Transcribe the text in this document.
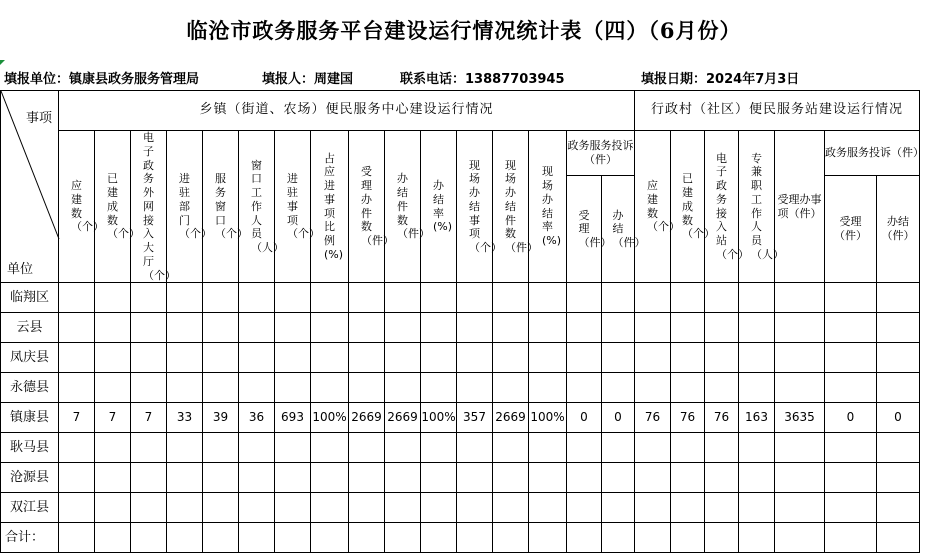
临沧市政务服务平台建设运行情况统计表（四）（6月份）
填报单位：镇康县政务服务管理局	填报人：周建国	联系电话：13887703945	填报日期：2024年7月3日
事项
单位	乡镇（街道、农场）便民服务中心建设运行情况																行政村（社区）便民服务站建设运行情况						

	应建数（个）	已建成数（个）	电子政务外网接入大厅（个）	进驻部门（个）	服务窗口（个）	窗口工作人员（人）	进驻事项（个）	占应进事项比例(%)	受理办件数（件）	办结件数（件）	办结率(%)	现场办结事项（个）	现场办结件数（件）	现场办结率(%)	政务服务投诉（件）		应建数（个）	已建成数（个）	电子政务接入站（个）	专兼职工作人员（人）	受理办事项（件）	政务服务投诉（件）	

															受理（件）	办结（件）						受理（件）	办结（件）

临翔区																							
云县																							
凤庆县																							
永德县																							
镇康县	7	7	7	33	39	36	693	100%	2669	2669	100%	357	2669	100%	0	0	76	76	76	163	3635	0	0
耿马县																							
沧源县																							
双江县																							
合计：																							
